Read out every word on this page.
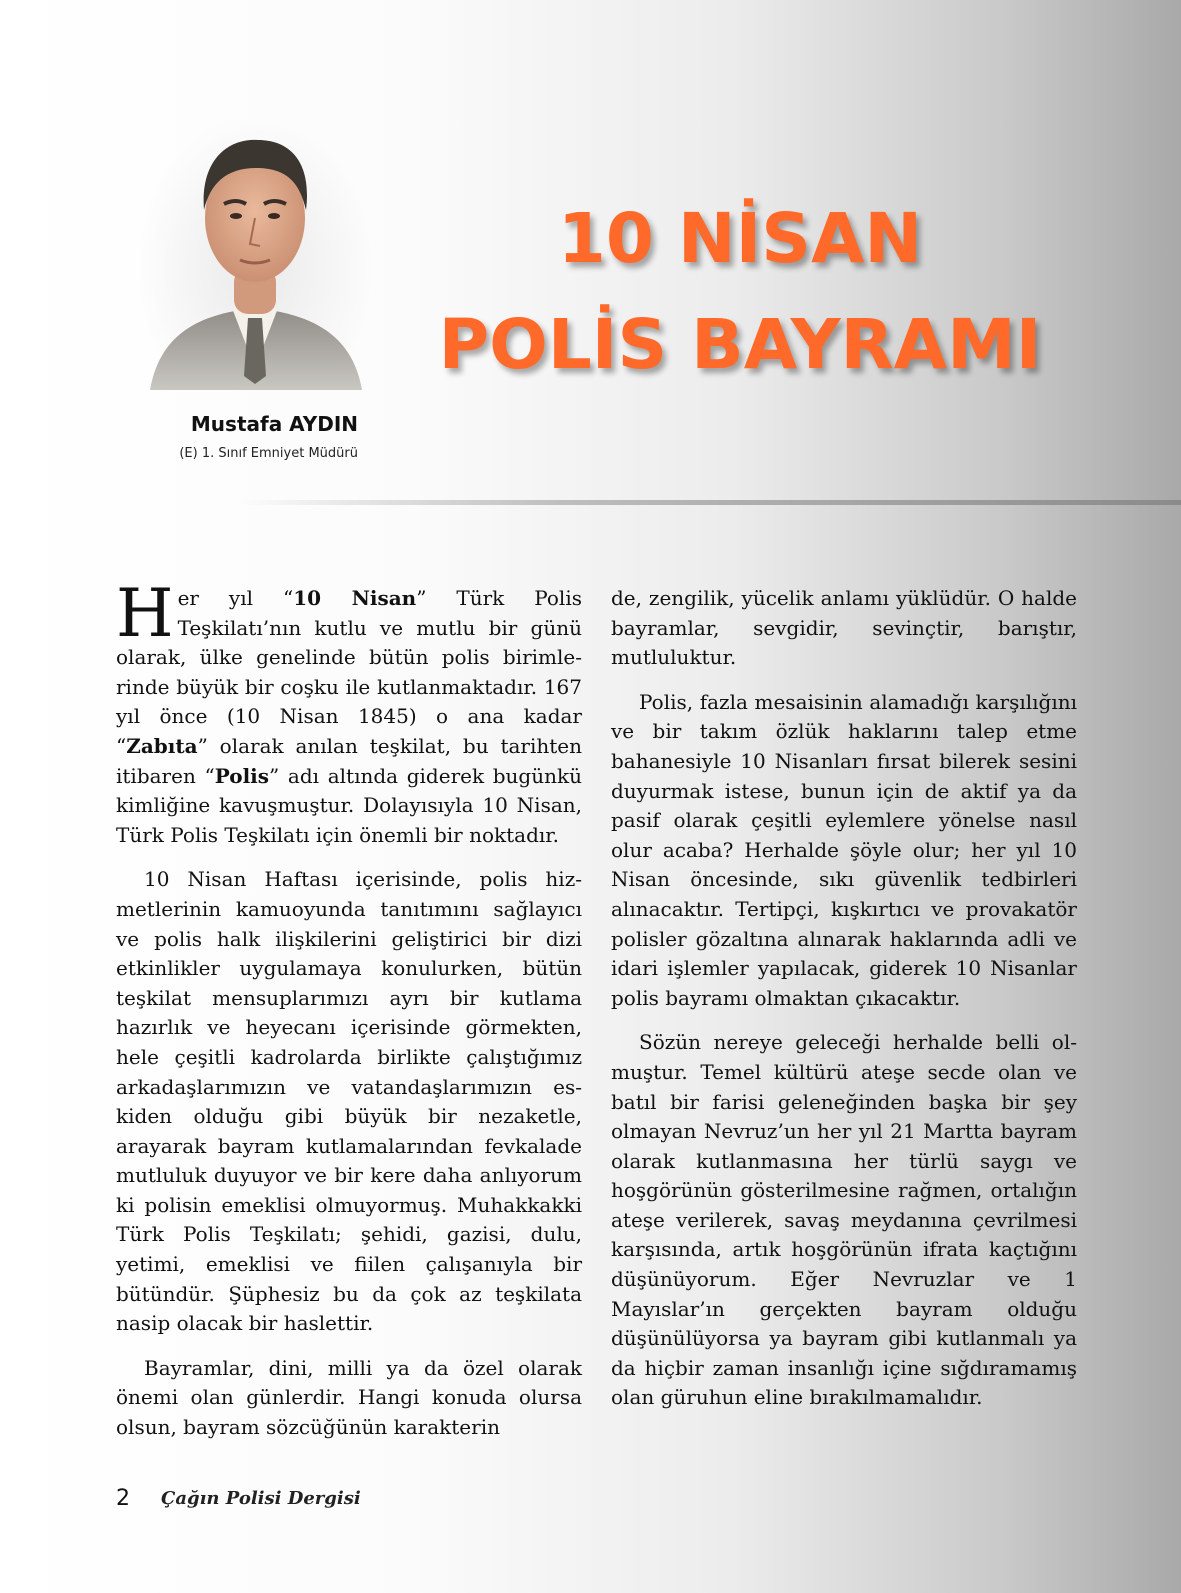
Mustafa AYDIN
(E) 1. Sınıf Emniyet Müdürü
10 NİSAN
POLİS BAYRAMI

Her yıl “10 Nisan” Türk Polis Teşkilatı’nın kutlu ve mutlu bir günü olarak, ülke genelinde bütün polis birimlerinde büyük bir coşku ile kutlanmaktadır. 167 yıl önce (10 Nisan 1845) o ana kadar “Zabıta” olarak anılan teşkilat, bu tarihten itibaren “Polis” adı altında giderek bugünkü kimliğine kavuşmuştur. Dolayısıyla 10 Nisan, Türk Polis Teşkilatı için önemli bir noktadır.

10 Nisan Haftası içerisinde, polis hizmetlerinin kamuoyunda tanıtımını sağlayıcı ve polis halk ilişkilerini geliştirici bir dizi etkinlikler uygulamaya konulurken, bütün teşkilat mensuplarımızı ayrı bir kutlama hazırlık ve heyecanı içerisinde görmekten, hele çeşitli kadrolarda birlikte çalıştığımız arkadaşlarımızın ve vatandaşlarımızın eskiden olduğu gibi büyük bir nezaketle, arayarak bayram kutlamalarından fevkalade mutluluk duyuyor ve bir kere daha anlıyorum ki polisin emeklisi olmuyormuş. Muhakkakki Türk Polis Teşkilatı; şehidi, gazisi, dulu, yetimi, emeklisi ve fiilen çalışanıyla bir bütündür. Şüphesiz bu da çok az teşkilata nasip olacak bir haslettir.

Bayramlar, dini, milli ya da özel olarak önemi olan günlerdir. Hangi konuda olursa olsun, bayram sözcüğünün karakterin

de, zengilik, yücelik anlamı yüklüdür. O halde bayramlar, sevgidir, sevinçtir, barıştır, mutluluktur.

Polis, fazla mesaisinin alamadığı karşılığını ve bir takım özlük haklarını talep etme bahanesiyle 10 Nisanları fırsat bilerek sesini duyurmak istese, bunun için de aktif ya da pasif olarak çeşitli eylemlere yönelse nasıl olur acaba? Herhalde şöyle olur; her yıl 10 Nisan öncesinde, sıkı güvenlik tedbirleri alınacaktır. Tertipçi, kışkırtıcı ve provakatör polisler gözaltına alınarak haklarında adli ve idari işlemler yapılacak, giderek 10 Nisanlar polis bayramı olmaktan çıkacaktır.

Sözün nereye geleceği herhalde belli olmuştur. Temel kültürü ateşe secde olan ve batıl bir farisi geleneğinden başka bir şey olmayan Nevruz’un her yıl 21 Martta bayram olarak kutlanmasına her türlü saygı ve hoşgörünün gösterilmesine rağmen, ortalığın ateşe verilerek, savaş meydanına çevrilmesi karşısında, artık hoşgörünün ifrata kaçtığını düşünüyorum. Eğer Nevruzlar ve 1 Mayıslar’ın gerçekten bayram olduğu düşünülüyorsa ya bayram gibi kutlanmalı ya da hiçbir zaman insanlığı içine sığdıramamış olan güruhun eline bırakılmamalıdır.

2 Çağın Polisi Dergisi
